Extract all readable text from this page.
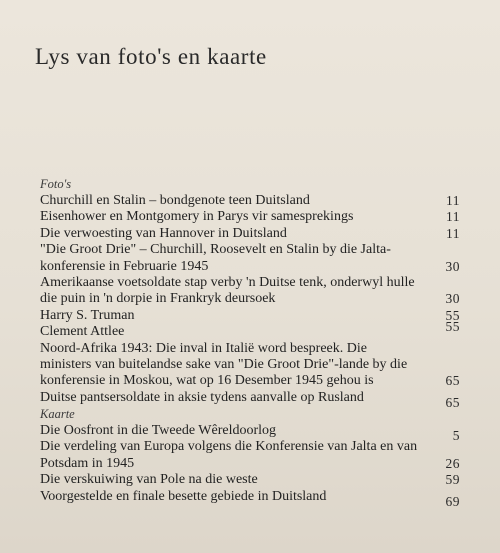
Lys van foto's en kaarte
Foto's
Churchill en Stalin – bondgenote teen Duitsland	11
Eisenhower en Montgomery in Parys vir samesprekings	11
Die verwoesting van Hannover in Duitsland	11
"Die Groot Drie" – Churchill, Roosevelt en Stalin by die Jalta-konferensie in Februarie 1945	30
Amerikaanse voetsoldate stap verby 'n Duitse tenk, onderwyl hulle die puin in 'n dorpie in Frankryk deursoek	30
Harry S. Truman	55
Clement Attlee	55
Noord-Afrika 1943: Die inval in Italië word bespreek. Die ministers van buitelandse sake van "Die Groot Drie"-lande by die konferensie in Moskou, wat op 16 Desember 1945 gehou is	65
Duitse pantsersoldate in aksie tydens aanvalle op Rusland	65
Kaarte
Die Oosfront in die Tweede Wêreldoorlog	5
Die verdeling van Europa volgens die Konferensie van Jalta en van Potsdam in 1945	26
Die verskuiwing van Pole na die weste	59
Voorgestelde en finale besette gebiede in Duitsland	69
